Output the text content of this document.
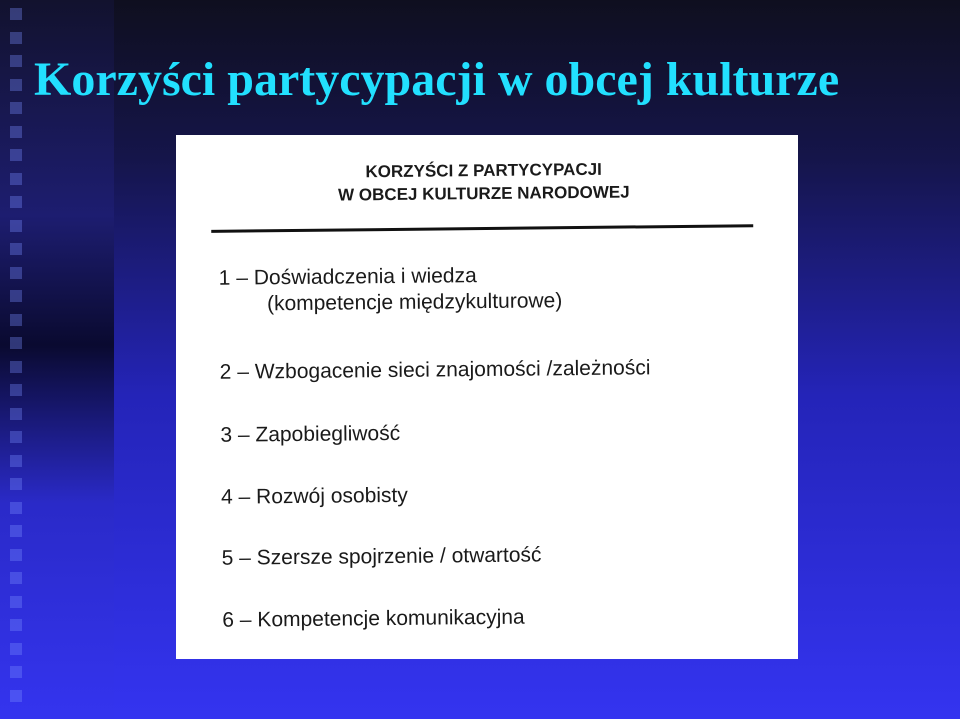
Korzyści partycypacji w obcej kulturze
KORZYŚCI Z PARTYCYPACJI
W OBCEJ KULTURZE NARODOWEJ
1 – Doświadczenia i wiedza
(kompetencje międzykulturowe)
2 – Wzbogacenie sieci znajomości /zależności
3 – Zapobiegliwość
4 – Rozwój osobisty
5 – Szersze spojrzenie / otwartość
6 – Kompetencje komunikacyjna
